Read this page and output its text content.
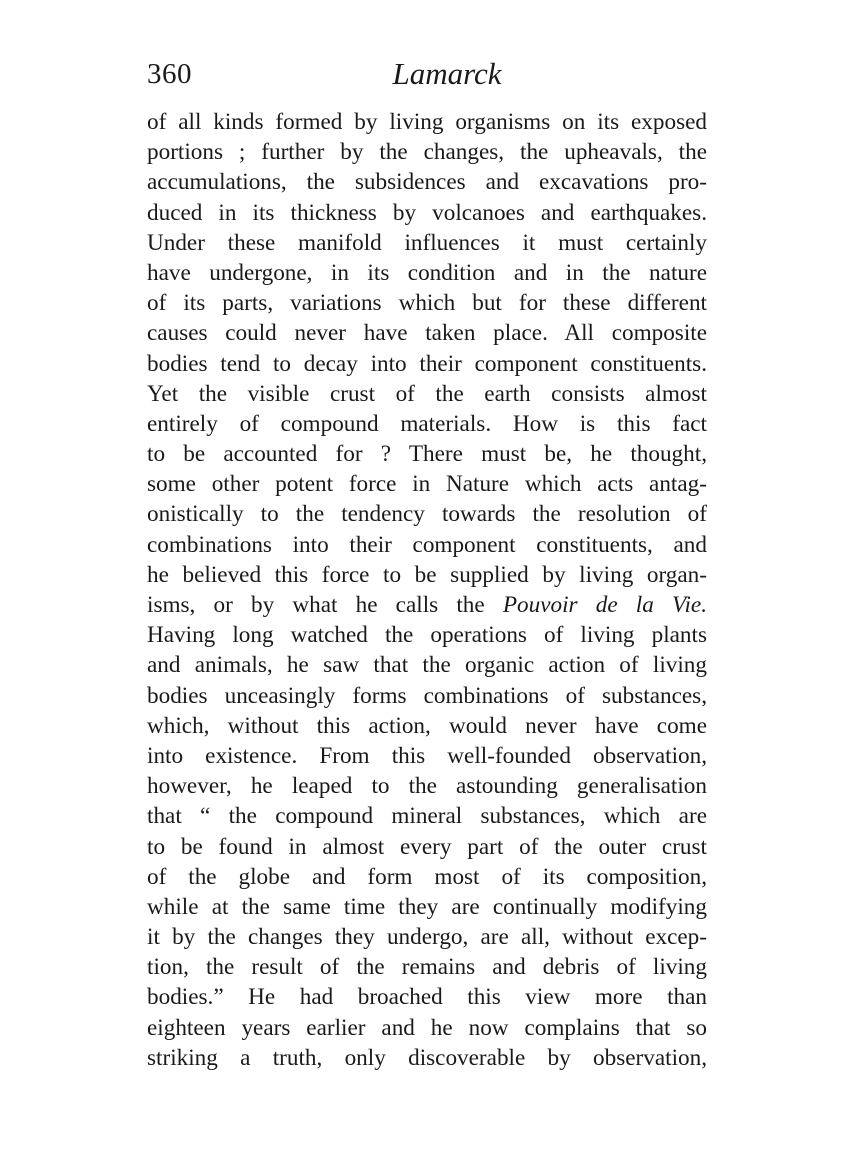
360	Lamarck
of all kinds formed by living organisms on its exposed
portions ; further by the changes, the upheavals, the
accumulations, the subsidences and excavations pro-
duced in its thickness by volcanoes and earthquakes.
Under these manifold influences it must certainly
have undergone, in its condition and in the nature
of its parts, variations which but for these different
causes could never have taken place. All composite
bodies tend to decay into their component constituents.
Yet the visible crust of the earth consists almost
entirely of compound materials. How is this fact
to be accounted for ? There must be, he thought,
some other potent force in Nature which acts antag-
onistically to the tendency towards the resolution of
combinations into their component constituents, and
he believed this force to be supplied by living organ-
isms, or by what he calls the Pouvoir de la Vie.
Having long watched the operations of living plants
and animals, he saw that the organic action of living
bodies unceasingly forms combinations of substances,
which, without this action, would never have come
into existence. From this well-founded observation,
however, he leaped to the astounding generalisation
that “ the compound mineral substances, which are
to be found in almost every part of the outer crust
of the globe and form most of its composition,
while at the same time they are continually modifying
it by the changes they undergo, are all, without excep-
tion, the result of the remains and debris of living
bodies.” He had broached this view more than
eighteen years earlier and he now complains that so
striking a truth, only discoverable by observation,
